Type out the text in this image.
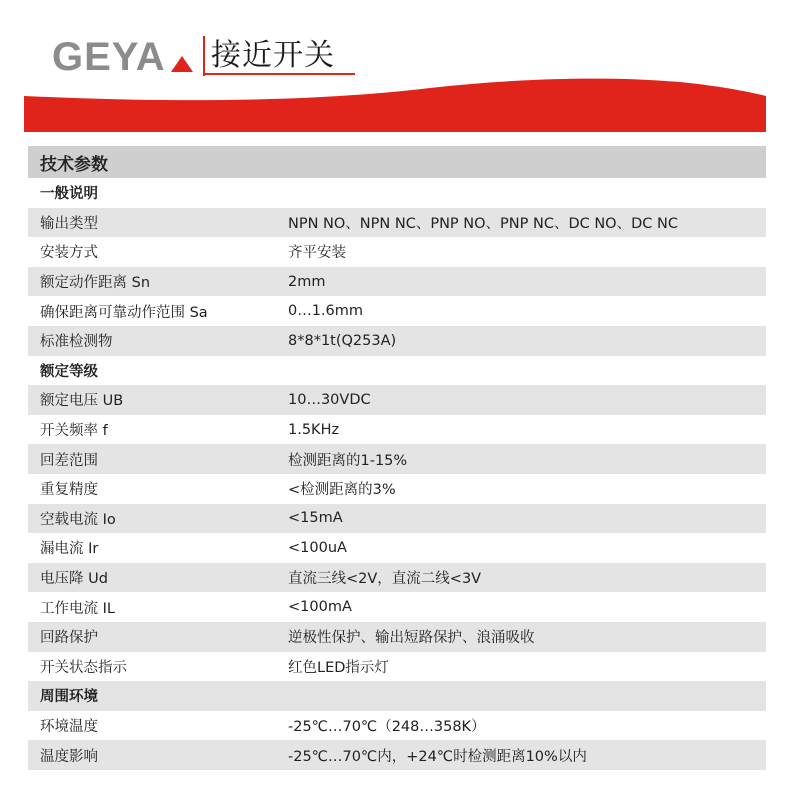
GEYA 接近开关
技术参数
一般说明
输出类型	NPN NO、NPN NC、PNP NO、PNP NC、DC NO、DC NC
安装方式	齐平安装
额定动作距离 Sn	2mm
确保距离可靠动作范围 Sa	0…1.6mm
标准检测物	8*8*1t(Q253A)
额定等级
额定电压 UB	10…30VDC
开关频率 f	1.5KHz
回差范围	检测距离的1-15%
重复精度	<检测距离的3%
空载电流 Io	<15mA
漏电流 Ir	<100uA
电压降 Ud	直流三线<2V，直流二线<3V
工作电流 IL	<100mA
回路保护	逆极性保护、输出短路保护、浪涌吸收
开关状态指示	红色LED指示灯
周围环境
环境温度	-25℃…70℃（248…358K）
温度影响	-25℃…70℃内，+24℃时检测距离10%以内
